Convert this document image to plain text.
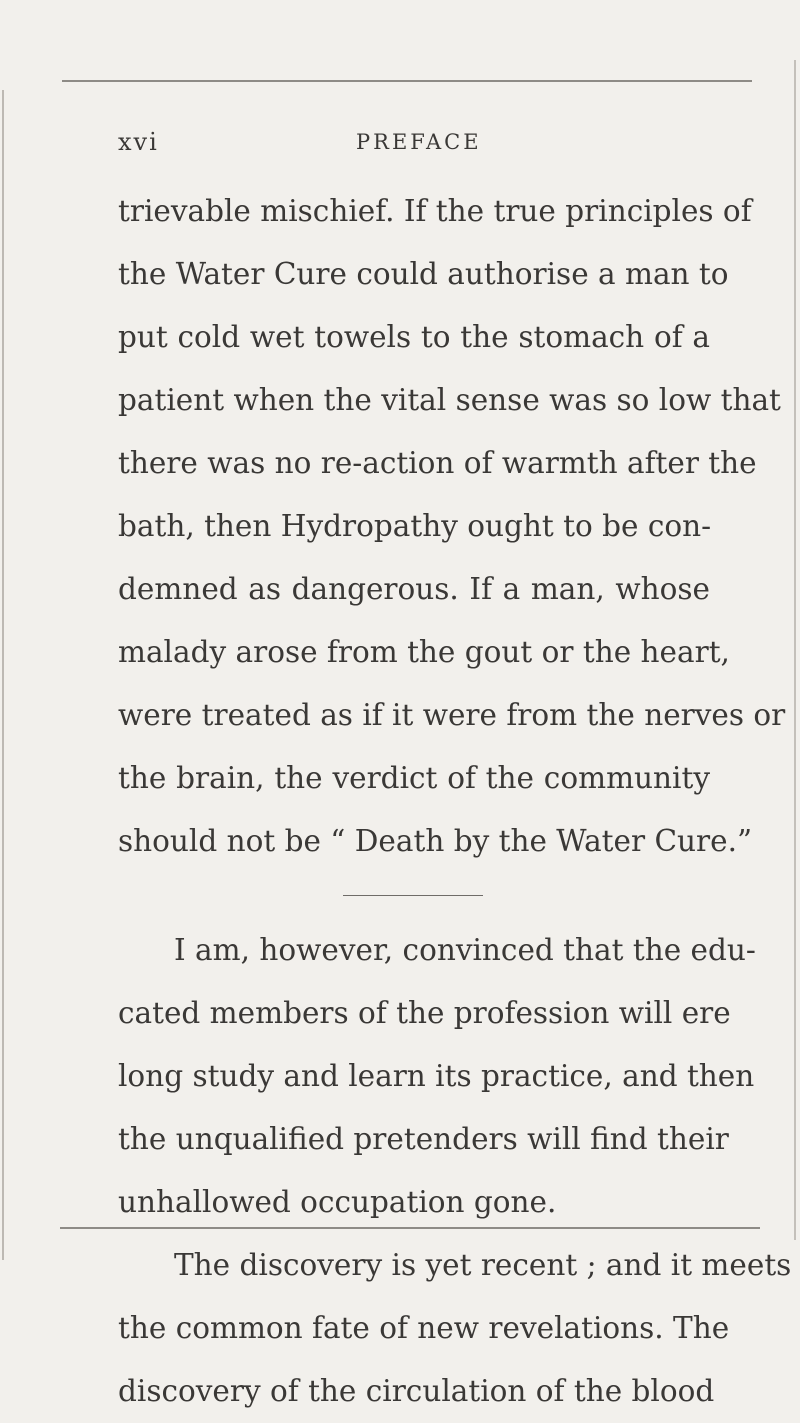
xvi	PREFACE
trievable mischief. If the true principles of
the Water Cure could authorise a man to
put cold wet towels to the stomach of a
patient when the vital sense was so low that
there was no re-action of warmth after the
bath, then Hydropathy ought to be con-
demned as dangerous. If a man, whose
malady arose from the gout or the heart,
were treated as if it were from the nerves or
the brain, the verdict of the community
should not be “ Death by the Water Cure.”
I am, however, convinced that the edu-
cated members of the profession will ere
long study and learn its practice, and then
the unqualified pretenders will find their
unhallowed occupation gone.
The discovery is yet recent ; and it meets
the common fate of new revelations. The
discovery of the circulation of the blood
